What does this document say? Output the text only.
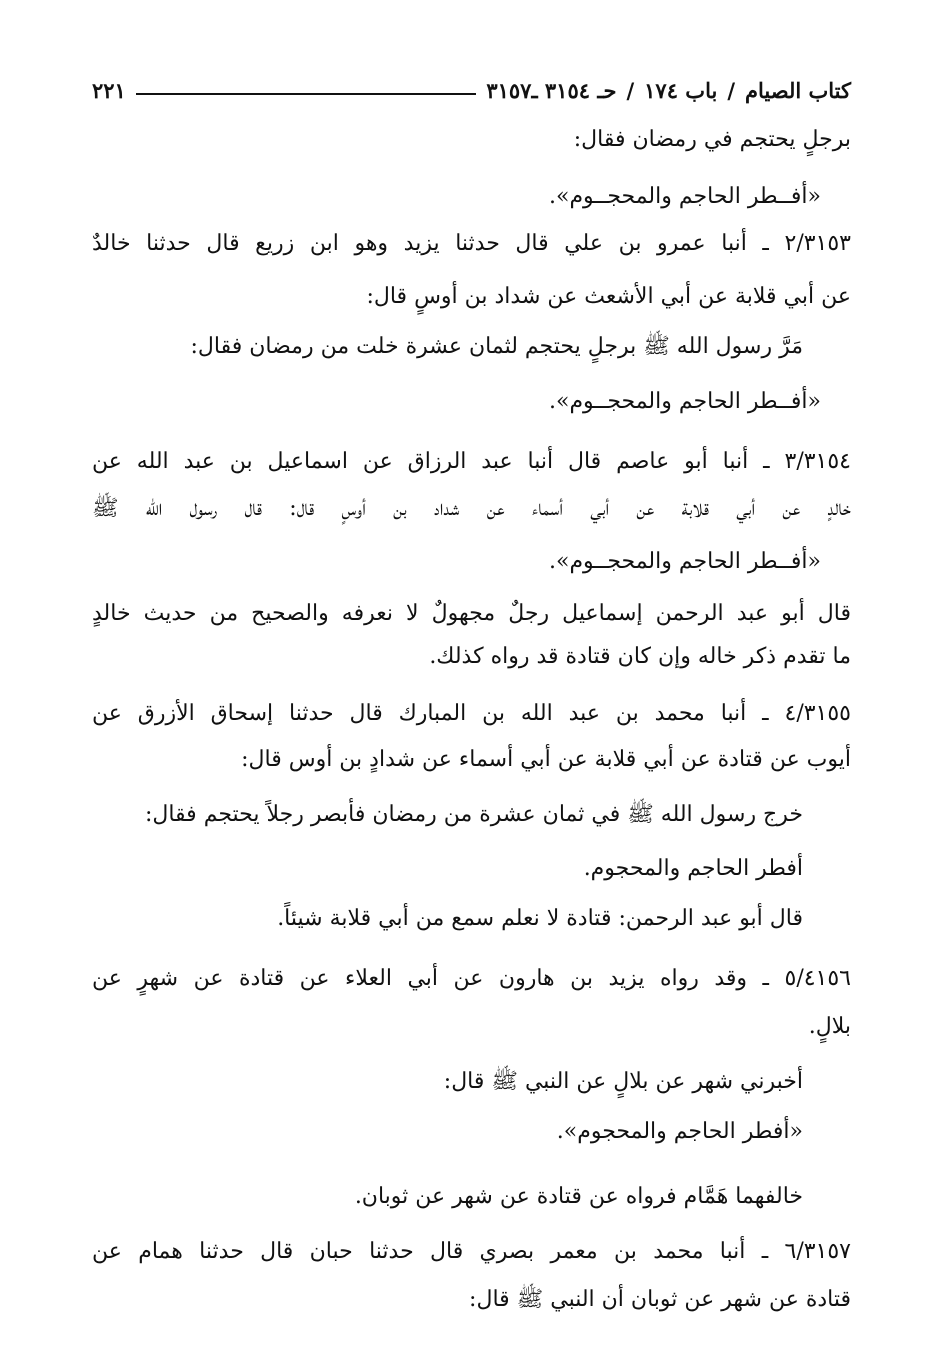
كتاب الصيام
/
باب ١٧٤
/
حـ ٣١٥٤ ـ٣١٥٧
٢٢١
برجلٍ يحتجم في رمضان فقال:
«أفــطر الحاجم والمحجــوم».
٢/٣١٥٣ ـ أنبا عمرو بن علي قال حدثنا يزيد وهو ابن زريع قال حدثنا خالدٌ
عن أبي قلابة عن أبي الأشعث عن شداد بن أوسٍ قال:
مَرَّ رسول الله ﷺ برجلٍ يحتجم لثمان عشرة خلت من رمضان فقال:
«أفــطر الحاجم والمحجــوم».
٣/٣١٥٤ ـ أنبا أبو عاصم قال أنبا عبد الرزاق عن اسماعيل بن عبد الله عن
خالدٍ عن أبي قلابة عن أبي أسماء عن شداد بن أوسٍ قال: قال رسول الله ﷺ
«أفــطر الحاجم والمحجــوم».
قال أبو عبد الرحمن إسماعيل رجلٌ مجهولٌ لا نعرفه والصحيح من حديث خالدٍ
ما تقدم ذكر خاله وإن كان قتادة قد رواه كذلك.
٤/٣١٥٥ ـ أنبا محمد بن عبد الله بن المبارك قال حدثنا إسحاق الأزرق عن
أيوب عن قتادة عن أبي قلابة عن أبي أسماء عن شدادٍ بن أوس قال:
خرج رسول الله ﷺ في ثمان عشرة من رمضان فأبصر رجلاً يحتجم فقال:
أفطر الحاجم والمحجوم.
قال أبو عبد الرحمن: قتادة لا نعلم سمع من أبي قلابة شيئاً.
٥/٤١٥٦ ـ وقد رواه يزيد بن هارون عن أبي العلاء عن قتادة عن شهرٍ عن
بلالٍ.
أخبرني شهر عن بلالٍ عن النبي ﷺ قال:
«أفطر الحاجم والمحجوم».
خالفهما هَمَّام فرواه عن قتادة عن شهر عن ثوبان.
٦/٣١٥٧ ـ أنبا محمد بن معمر بصري قال حدثنا حبان قال حدثنا همام عن
قتادة عن شهر عن ثوبان أن النبي ﷺ قال:
